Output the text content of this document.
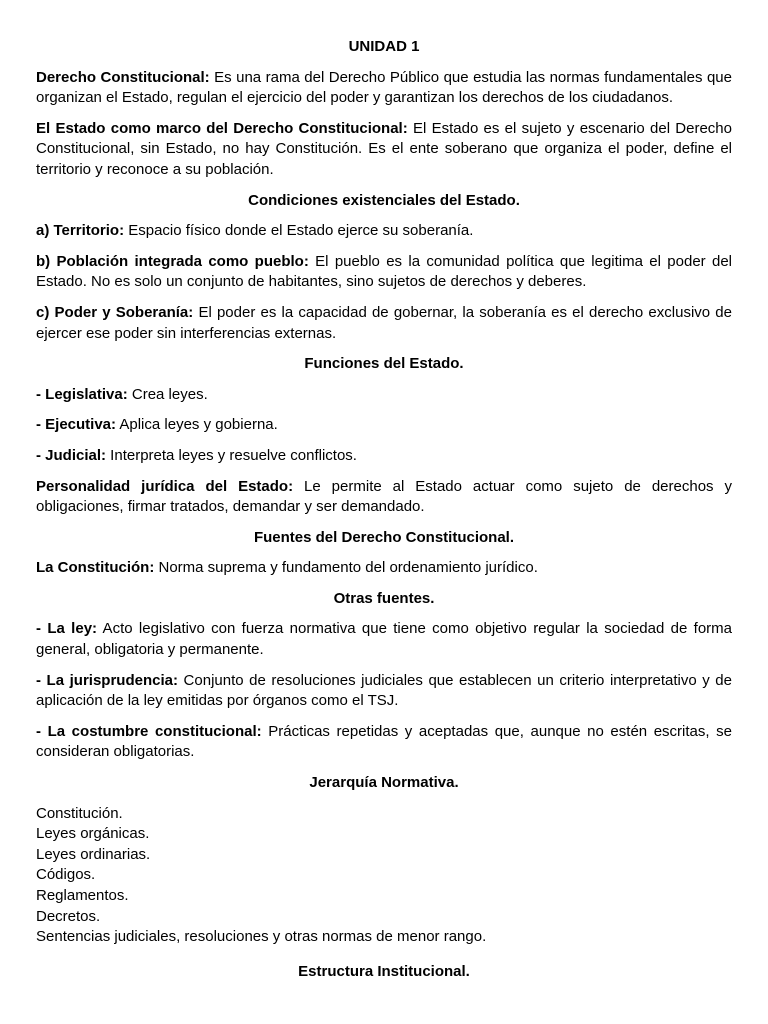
UNIDAD 1

Derecho Constitucional: Es una rama del Derecho Público que estudia las normas fundamentales que organizan el Estado, regulan el ejercicio del poder y garantizan los derechos de los ciudadanos.

El Estado como marco del Derecho Constitucional: El Estado es el sujeto y escenario del Derecho Constitucional, sin Estado, no hay Constitución. Es el ente soberano que organiza el poder, define el territorio y reconoce a su población.

Condiciones existenciales del Estado.

a) Territorio: Espacio físico donde el Estado ejerce su soberanía.

b) Población integrada como pueblo: El pueblo es la comunidad política que legitima el poder del Estado. No es solo un conjunto de habitantes, sino sujetos de derechos y deberes.

c) Poder y Soberanía: El poder es la capacidad de gobernar, la soberanía es el derecho exclusivo de ejercer ese poder sin interferencias externas.

Funciones del Estado.

- Legislativa: Crea leyes.

- Ejecutiva: Aplica leyes y gobierna.

- Judicial: Interpreta leyes y resuelve conflictos.

Personalidad jurídica del Estado: Le permite al Estado actuar como sujeto de derechos y obligaciones, firmar tratados, demandar y ser demandado.

Fuentes del Derecho Constitucional.

La Constitución: Norma suprema y fundamento del ordenamiento jurídico.

Otras fuentes.

- La ley: Acto legislativo con fuerza normativa que tiene como objetivo regular la sociedad de forma general, obligatoria y permanente.

- La jurisprudencia: Conjunto de resoluciones judiciales que establecen un criterio interpretativo y de aplicación de la ley emitidas por órganos como el TSJ.

- La costumbre constitucional: Prácticas repetidas y aceptadas que, aunque no estén escritas, se consideran obligatorias.

Jerarquía Normativa.
Constitución.
Leyes orgánicas.
Leyes ordinarias.
Códigos.
Reglamentos.
Decretos.
Sentencias judiciales, resoluciones y otras normas de menor rango.
Estructura Institucional.
